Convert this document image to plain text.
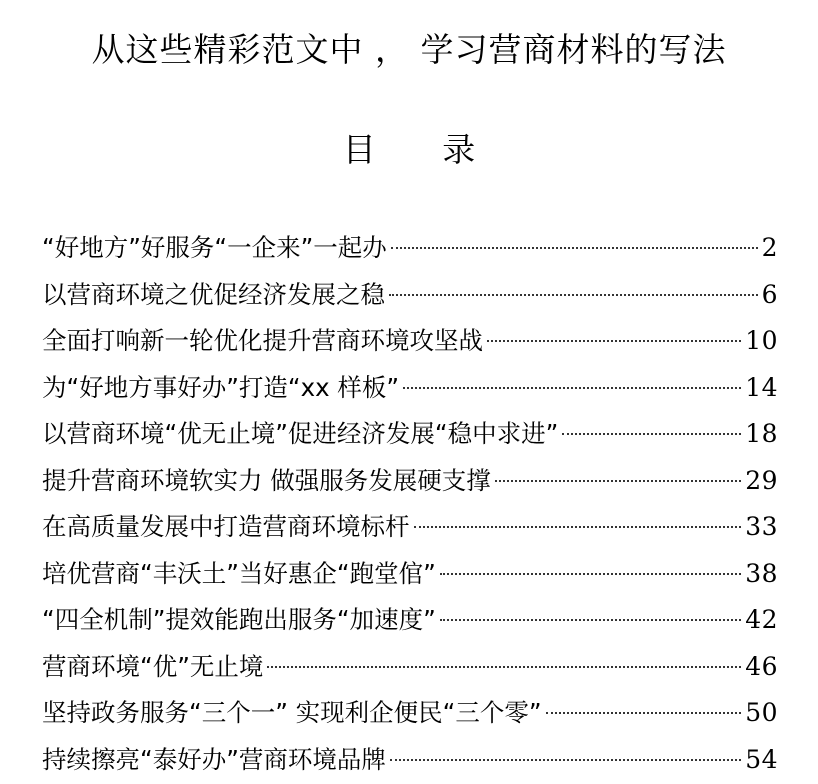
从这些精彩范文中 ， 学习营商材料的写法
目 录
“好地方”好服务“一企来”一起办	2
以营商环境之优促经济发展之稳	6
全面打响新一轮优化提升营商环境攻坚战	10
为“好地方事好办”打造“xx 样板”	14
以营商环境“优无止境”促进经济发展“稳中求进”	18
提升营商环境软实力 做强服务发展硬支撑	29
在高质量发展中打造营商环境标杆	33
培优营商“丰沃土”当好惠企“跑堂倌”	38
“四全机制”提效能跑出服务“加速度”	42
营商环境“优”无止境	46
坚持政务服务“三个一” 实现利企便民“三个零”	50
持续擦亮“泰好办”营商环境品牌	54
